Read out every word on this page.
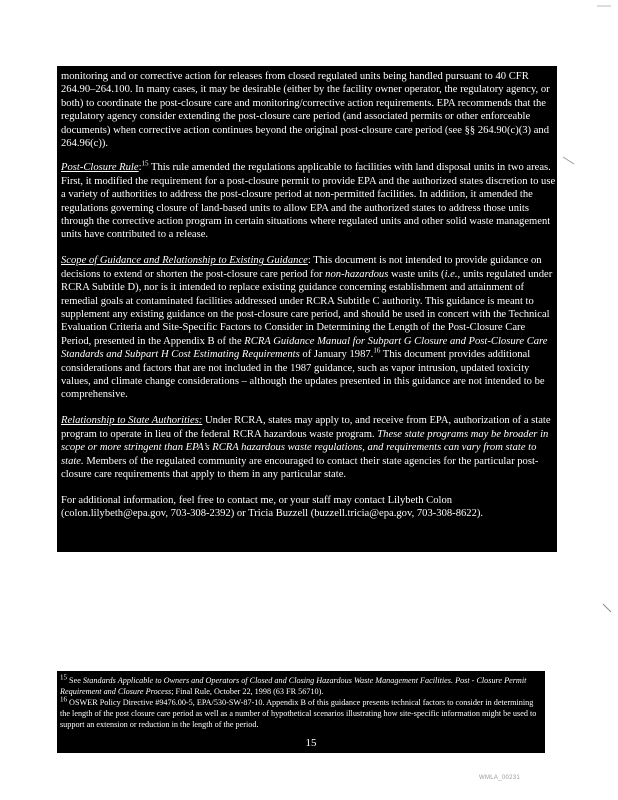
monitoring and or corrective action for releases from closed regulated units being handled pursuant to 40 CFR 264.90–264.100. In many cases, it may be desirable (either by the facility owner operator, the regulatory agency, or both) to coordinate the post-closure care and monitoring/corrective action requirements. EPA recommends that the regulatory agency consider extending the post-closure care period (and associated permits or other enforceable documents) when corrective action continues beyond the original post-closure care period (see §§ 264.90(c)(3) and 264.96(c)).

Post-Closure Rule:$^{15}$ This rule amended the regulations applicable to facilities with land disposal units in two areas. First, it modified the requirement for a post-closure permit to provide EPA and the authorized states discretion to use a variety of authorities to address the post-closure period at non-permitted facilities. In addition, it amended the regulations governing closure of land-based units to allow EPA and the authorized states to address those units through the corrective action program in certain situations where regulated units and other solid waste management units have contributed to a release.

Scope of Guidance and Relationship to Existing Guidance: This document is not intended to provide guidance on decisions to extend or shorten the post-closure care period for non-hazardous waste units (i.e., units regulated under RCRA Subtitle D), nor is it intended to replace existing guidance concerning establishment and attainment of remedial goals at contaminated facilities addressed under RCRA Subtitle C authority. This guidance is meant to supplement any existing guidance on the post-closure care period, and should be used in concert with the Technical Evaluation Criteria and Site-Specific Factors to Consider in Determining the Length of the Post-Closure Care Period, presented in the Appendix B of the RCRA Guidance Manual for Subpart G Closure and Post-Closure Care Standards and Subpart H Cost Estimating Requirements of January 1987.16 This document provides additional considerations and factors that are not included in the 1987 guidance, such as vapor intrusion, updated toxicity values, and climate change considerations – although the updates presented in this guidance are not intended to be comprehensive.

Relationship to State Authorities: Under RCRA, states may apply to, and receive from EPA, authorization of a state program to operate in lieu of the federal RCRA hazardous waste program. These state programs may be broader in scope or more stringent than EPA’s RCRA hazardous waste regulations, and requirements can vary from state to state. Members of the regulated community are encouraged to contact their state agencies for the particular post-closure care requirements that apply to them in any particular state.

For additional information, feel free to contact me, or your staff may contact Lilybeth Colon (colon.lilybeth@epa.gov, 703-308-2392) or Tricia Buzzell (buzzell.tricia@epa.gov, 703-308-8622).

$^{15}$ See Standards Applicable to Owners and Operators of Closed and Closing Hazardous Waste Management Facilities. Post - Closure Permit Requirement and Closure Process; Final Rule, October 22, 1998 (63 FR 56710).

$^{16}$ OSWER Policy Directive #9476.00-5, EPA/530-SW-87-10. Appendix B of this guidance presents technical factors to consider in determining the length of the post closure care period as well as a number of hypothetical scenarios illustrating how site-specific information might be used to support an extension or reduction in the length of the period.

15
WMLA_00231
